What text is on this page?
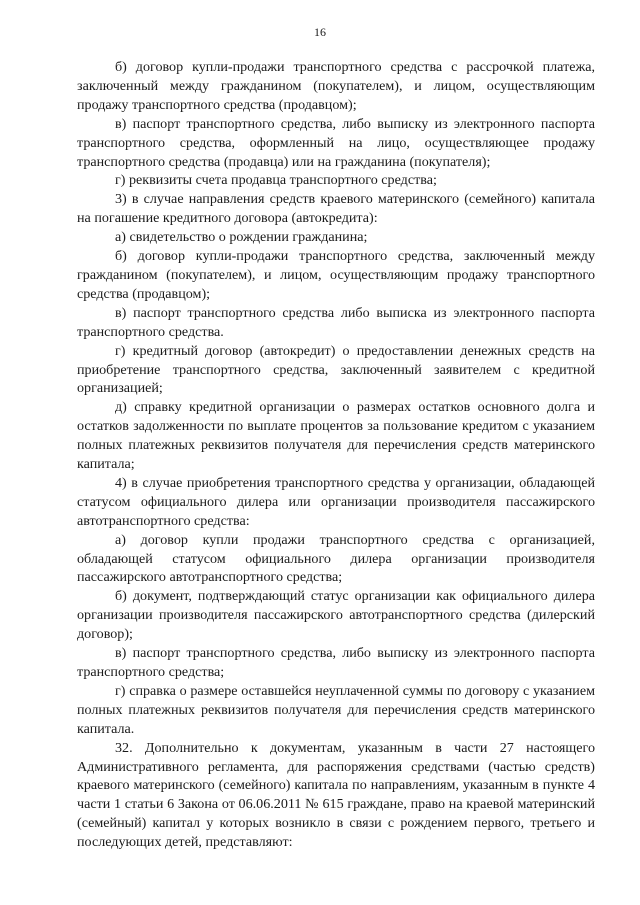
16

б) договор купли-продажи транспортного средства с рассрочкой платежа, заключенный между гражданином (покупателем), и лицом, осуществляющим продажу транспортного средства (продавцом);

в) паспорт транспортного средства, либо выписку из электронного паспорта транспортного средства, оформленный на лицо, осуществляющее продажу транспортного средства (продавца) или на гражданина (покупателя);

г) реквизиты счета продавца транспортного средства;

3) в случае направления средств краевого материнского (семейного) капитала на погашение кредитного договора (автокредита):

а) свидетельство о рождении гражданина;

б) договор купли-продажи транспортного средства, заключенный между гражданином (покупателем), и лицом, осуществляющим продажу транспортного средства (продавцом);

в) паспорт транспортного средства либо выписка из электронного паспорта транспортного средства.

г) кредитный договор (автокредит) о предоставлении денежных средств на приобретение транспортного средства, заключенный заявителем с кредитной организацией;

д) справку кредитной организации о размерах остатков основного долга и остатков задолженности по выплате процентов за пользование кредитом с указанием полных платежных реквизитов получателя для перечисления средств материнского капитала;

4) в случае приобретения транспортного средства у организации, обладающей статусом официального дилера или организации производителя пассажирского автотранспортного средства:

а) договор купли продажи транспортного средства с организацией, обладающей статусом официального дилера организации производителя пассажирского автотранспортного средства;

б) документ, подтверждающий статус организации как официального дилера организации производителя пассажирского автотранспортного средства (дилерский договор);

в) паспорт транспортного средства, либо выписку из электронного паспорта транспортного средства;

г) справка о размере оставшейся неуплаченной суммы по договору с указанием полных платежных реквизитов получателя для перечисления средств материнского капитала.

32. Дополнительно к документам, указанным в части 27 настоящего Административного регламента, для распоряжения средствами (частью средств) краевого материнского (семейного) капитала по направлениям, указанным в пункте 4 части 1 статьи 6 Закона от 06.06.2011 № 615 граждане, право на краевой материнский (семейный) капитал у которых возникло в связи с рождением первого, третьего и последующих детей, представляют:
